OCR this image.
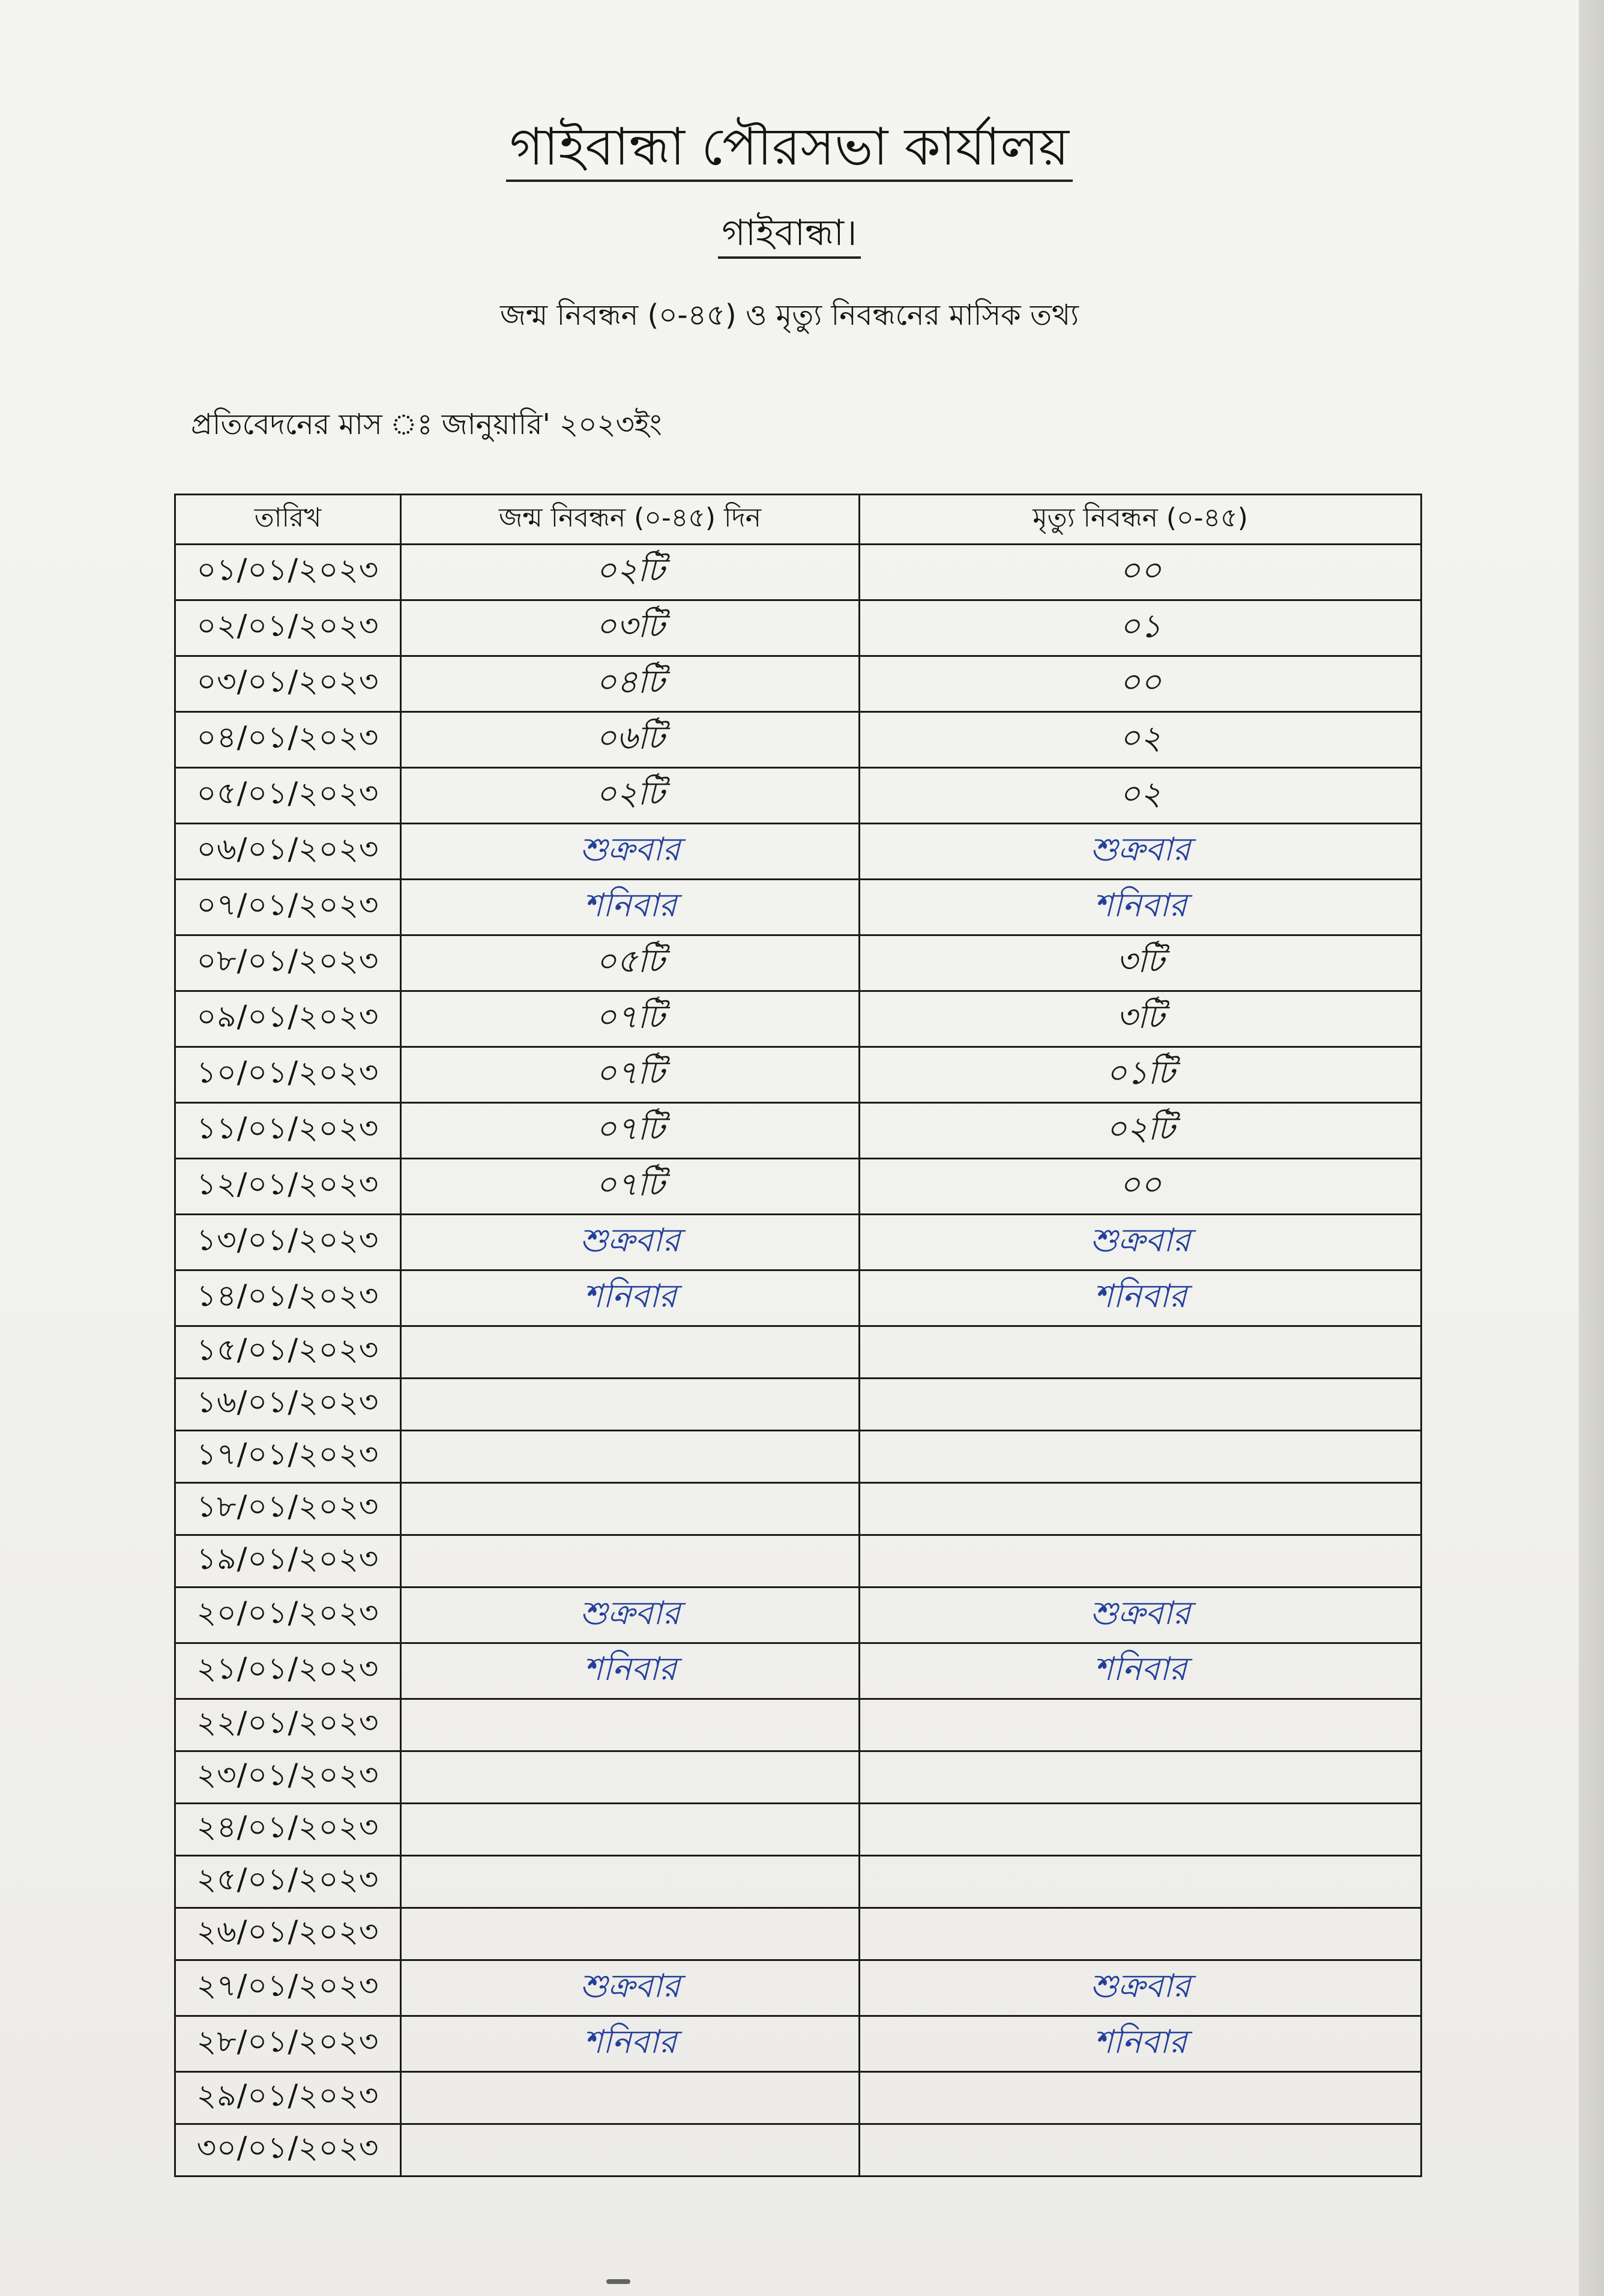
গাইবান্ধা পৌরসভা কার্যালয়
গাইবান্ধা।
জন্ম নিবন্ধন (০-৪৫) ও মৃত্যু নিবন্ধনের মাসিক তথ্য
প্রতিবেদনের মাস ঃ জানুয়ারি' ২০২৩ইং
তারিখ	জন্ম নিবন্ধন (০-৪৫) দিন	মৃত্যু নিবন্ধন (০-৪৫)
০১/০১/২০২৩	০২টি	০০
০২/০১/২০২৩	০৩টি	০১
০৩/০১/২০২৩	০৪টি	০০
০৪/০১/২০২৩	০৬টি	০২
০৫/০১/২০২৩	০২টি	০২
০৬/০১/২০২৩	শুক্রবার	শুক্রবার
০৭/০১/২০২৩	শনিবার	শনিবার
০৮/০১/২০২৩	০৫টি	৩টি
০৯/০১/২০২৩	০৭টি	৩টি
১০/০১/২০২৩	০৭টি	০১টি
১১/০১/২০২৩	০৭টি	০২টি
১২/০১/২০২৩	০৭টি	০০
১৩/০১/২০২৩	শুক্রবার	শুক্রবার
১৪/০১/২০২৩	শনিবার	শনিবার
১৫/০১/২০২৩		
১৬/০১/২০২৩		
১৭/০১/২০২৩		
১৮/০১/২০২৩		
১৯/০১/২০২৩		
২০/০১/২০২৩	শুক্রবার	শুক্রবার
২১/০১/২০২৩	শনিবার	শনিবার
২২/০১/২০২৩		
২৩/০১/২০২৩		
২৪/০১/২০২৩		
২৫/০১/২০২৩		
২৬/০১/২০২৩		
২৭/০১/২০২৩	শুক্রবার	শুক্রবার
২৮/০১/২০২৩	শনিবার	শনিবার
২৯/০১/২০২৩		
৩০/০১/২০২৩		
